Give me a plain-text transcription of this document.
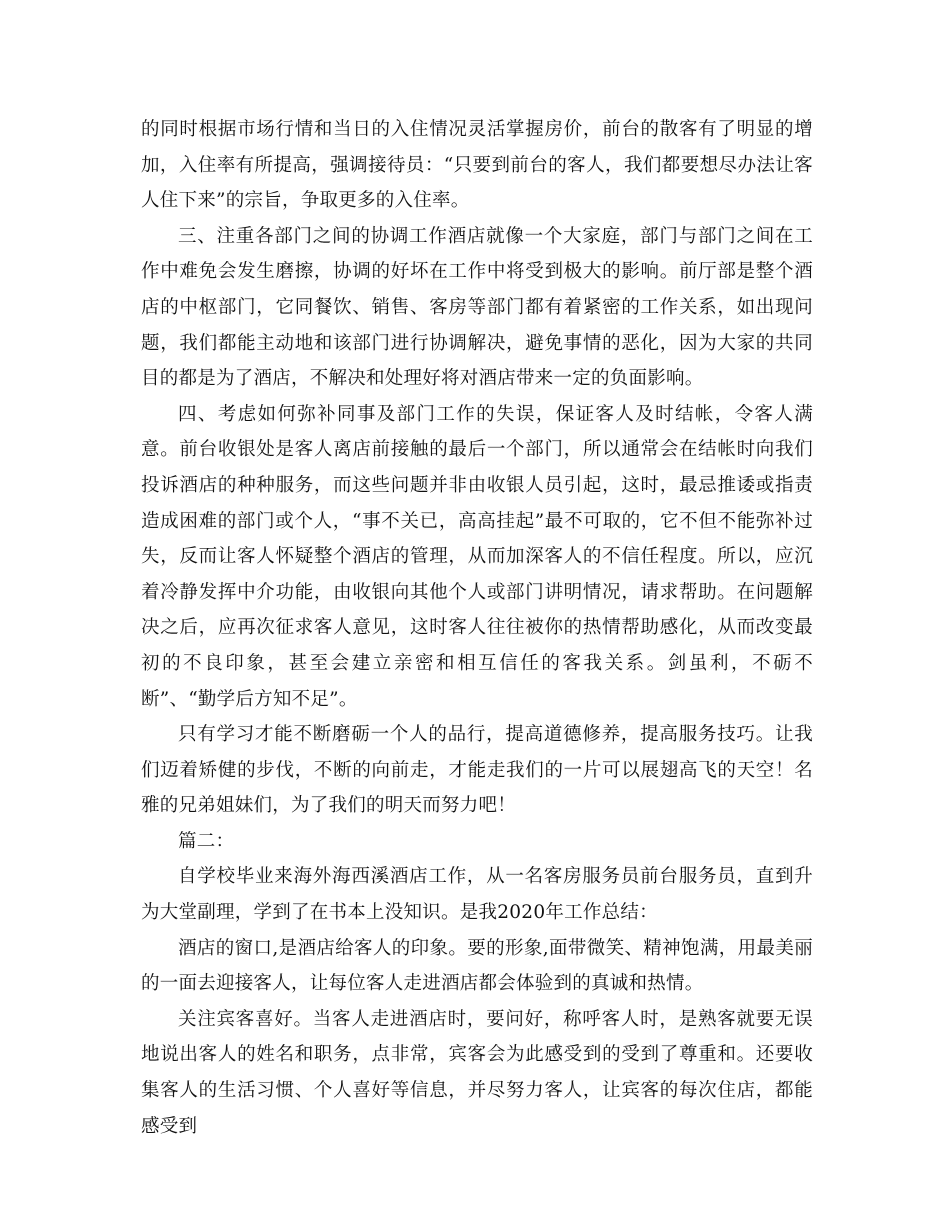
的同时根据市场行情和当日的入住情况灵活掌握房价，前台的散客有了明显的增加，入住率有所提高，强调接待员：“只要到前台的客人，我们都要想尽办法让客人住下来”的宗旨，争取更多的入住率。

三、注重各部门之间的协调工作酒店就像一个大家庭，部门与部门之间在工作中难免会发生磨擦，协调的好坏在工作中将受到极大的影响。前厅部是整个酒店的中枢部门，它同餐饮、销售、客房等部门都有着紧密的工作关系，如出现问题，我们都能主动地和该部门进行协调解决，避免事情的恶化，因为大家的共同目的都是为了酒店，不解决和处理好将对酒店带来一定的负面影响。

四、考虑如何弥补同事及部门工作的失误，保证客人及时结帐，令客人满意。前台收银处是客人离店前接触的最后一个部门，所以通常会在结帐时向我们投诉酒店的种种服务，而这些问题并非由收银人员引起，这时，最忌推诿或指责造成困难的部门或个人，“事不关已，高高挂起”最不可取的，它不但不能弥补过失，反而让客人怀疑整个酒店的管理，从而加深客人的不信任程度。所以，应沉着冷静发挥中介功能，由收银向其他个人或部门讲明情况，请求帮助。在问题解决之后，应再次征求客人意见，这时客人往往被你的热情帮助感化，从而改变最初的不良印象，甚至会建立亲密和相互信任的客我关系。剑虽利，不砺不断”、“勤学后方知不足”。

只有学习才能不断磨砺一个人的品行，提高道德修养，提高服务技巧。让我们迈着矫健的步伐，不断的向前走，才能走我们的一片可以展翅高飞的天空！名雅的兄弟姐妹们，为了我们的明天而努力吧！

篇二：

自学校毕业来海外海西溪酒店工作，从一名客房服务员前台服务员，直到升为大堂副理，学到了在书本上没知识。是我2020年工作总结：

酒店的窗口,是酒店给客人的印象。要的形象,面带微笑、精神饱满，用最美丽的一面去迎接客人，让每位客人走进酒店都会体验到的真诚和热情。

关注宾客喜好。当客人走进酒店时，要问好，称呼客人时，是熟客就要无误地说出客人的姓名和职务，点非常，宾客会为此感受到的受到了尊重和。还要收集客人的生活习惯、个人喜好等信息，并尽努力客人，让宾客的每次住店，都能感受到
